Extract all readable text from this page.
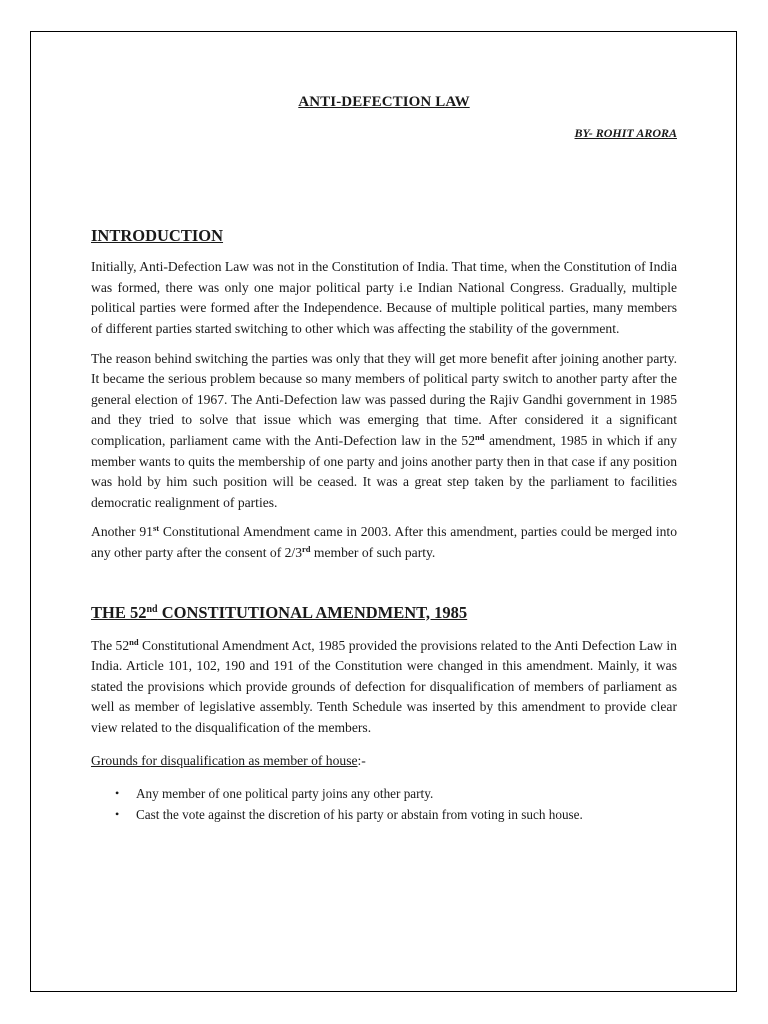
ANTI-DEFECTION LAW
BY- ROHIT ARORA
INTRODUCTION

Initially, Anti-Defection Law was not in the Constitution of India. That time, when the Constitution of India was formed, there was only one major political party i.e Indian National Congress. Gradually, multiple political parties were formed after the Independence. Because of multiple political parties, many members of different parties started switching to other which was affecting the stability of the government.

The reason behind switching the parties was only that they will get more benefit after joining another party. It became the serious problem because so many members of political party switch to another party after the general election of 1967. The Anti-Defection law was passed during the Rajiv Gandhi government in 1985 and they tried to solve that issue which was emerging that time. After considered it a significant complication, parliament came with the Anti-Defection law in the 52nd amendment, 1985 in which if any member wants to quits the membership of one party and joins another party then in that case if any position was hold by him such position will be ceased. It was a great step taken by the parliament to facilities democratic realignment of parties.

Another 91st Constitutional Amendment came in 2003. After this amendment, parties could be merged into any other party after the consent of 2/3rd member of such party.

THE 52nd CONSTITUTIONAL AMENDMENT, 1985

The 52nd Constitutional Amendment Act, 1985 provided the provisions related to the Anti Defection Law in India. Article 101, 102, 190 and 191 of the Constitution were changed in this amendment. Mainly, it was stated the provisions which provide grounds of defection for disqualification of members of parliament as well as member of legislative assembly. Tenth Schedule was inserted by this amendment to provide clear view related to the disqualification of the members.

Grounds for disqualification as member of house:-
• Any member of one political party joins any other party.
• Cast the vote against the discretion of his party or abstain from voting in such house.
